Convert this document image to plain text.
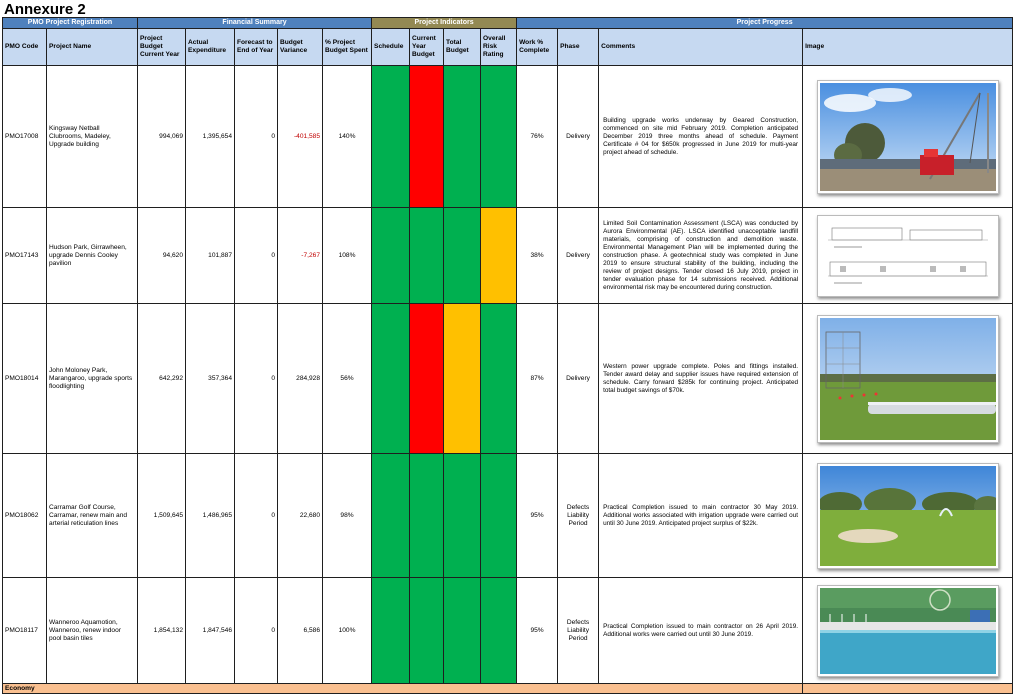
Annexure 2
PMO Project Registration		Financial Summary					Project Indicators				Project Progress			
PMO Code	Project Name	Project Budget Current Year	Actual Expenditure	Forecast to End of Year	Budget Variance	% Project Budget Spent	Schedule	Current Year Budget	Total Budget	Overall Risk Rating	Work % Complete	Phase	Comments	Image
PMO17008	Kingsway Netball Clubrooms, Madeley, Upgrade building	994,069	1,395,654	0	-401,585	140%					76%	Delivery	Building upgrade works underway by Geared Construction, commenced on site mid February 2019. Completion anticipated December 2019 three months ahead of schedule. Payment Certificate # 04 for $650k progressed in June 2019 for multi-year project ahead of schedule.	

PMO17143	Hudson Park, Girrawheen, upgrade Dennis Cooley pavilion	94,620	101,887	0	-7,267	108%					38%	Delivery	Limited Soil Contamination Assessment (LSCA) was conducted by Aurora Environmental (AE). LSCA identified unacceptable landfill materials, comprising of construction and demolition waste. Environmental Management Plan will be implemented during the construction phase. A geotechnical study was completed in June 2019 to ensure structural stability of the building, including the review of project designs. Tender closed 16 July 2019, project in tender evaluation phase for 14 submissions received. Additional environmental risk may be encountered during construction.	

PMO18014	John Moloney Park, Marangaroo, upgrade sports floodlighting	642,292	357,364	0	284,928	56%					87%	Delivery	Western power upgrade complete. Poles and fittings installed. Tender award delay and supplier issues have required extension of schedule. Carry forward $285k for continuing project. Anticipated total budget savings of $70k.	

PMO18062	Carramar Golf Course, Carramar, renew main and arterial reticulation lines	1,509,645	1,486,965	0	22,680	98%					95%	Defects Liability Period	Practical Completion issued to main contractor 30 May 2019. Additional works associated with irrigation upgrade were carried out until 30 June 2019. Anticipated project surplus of $22k.	

PMO18117	Wanneroo Aquamotion, Wanneroo, renew indoor pool basin tiles	1,854,132	1,847,546	0	6,586	100%					95%	Defects Liability Period	Practical Completion issued to main contractor on 26 April 2019. Additional works were carried out until 30 June 2019.	

Economy														
